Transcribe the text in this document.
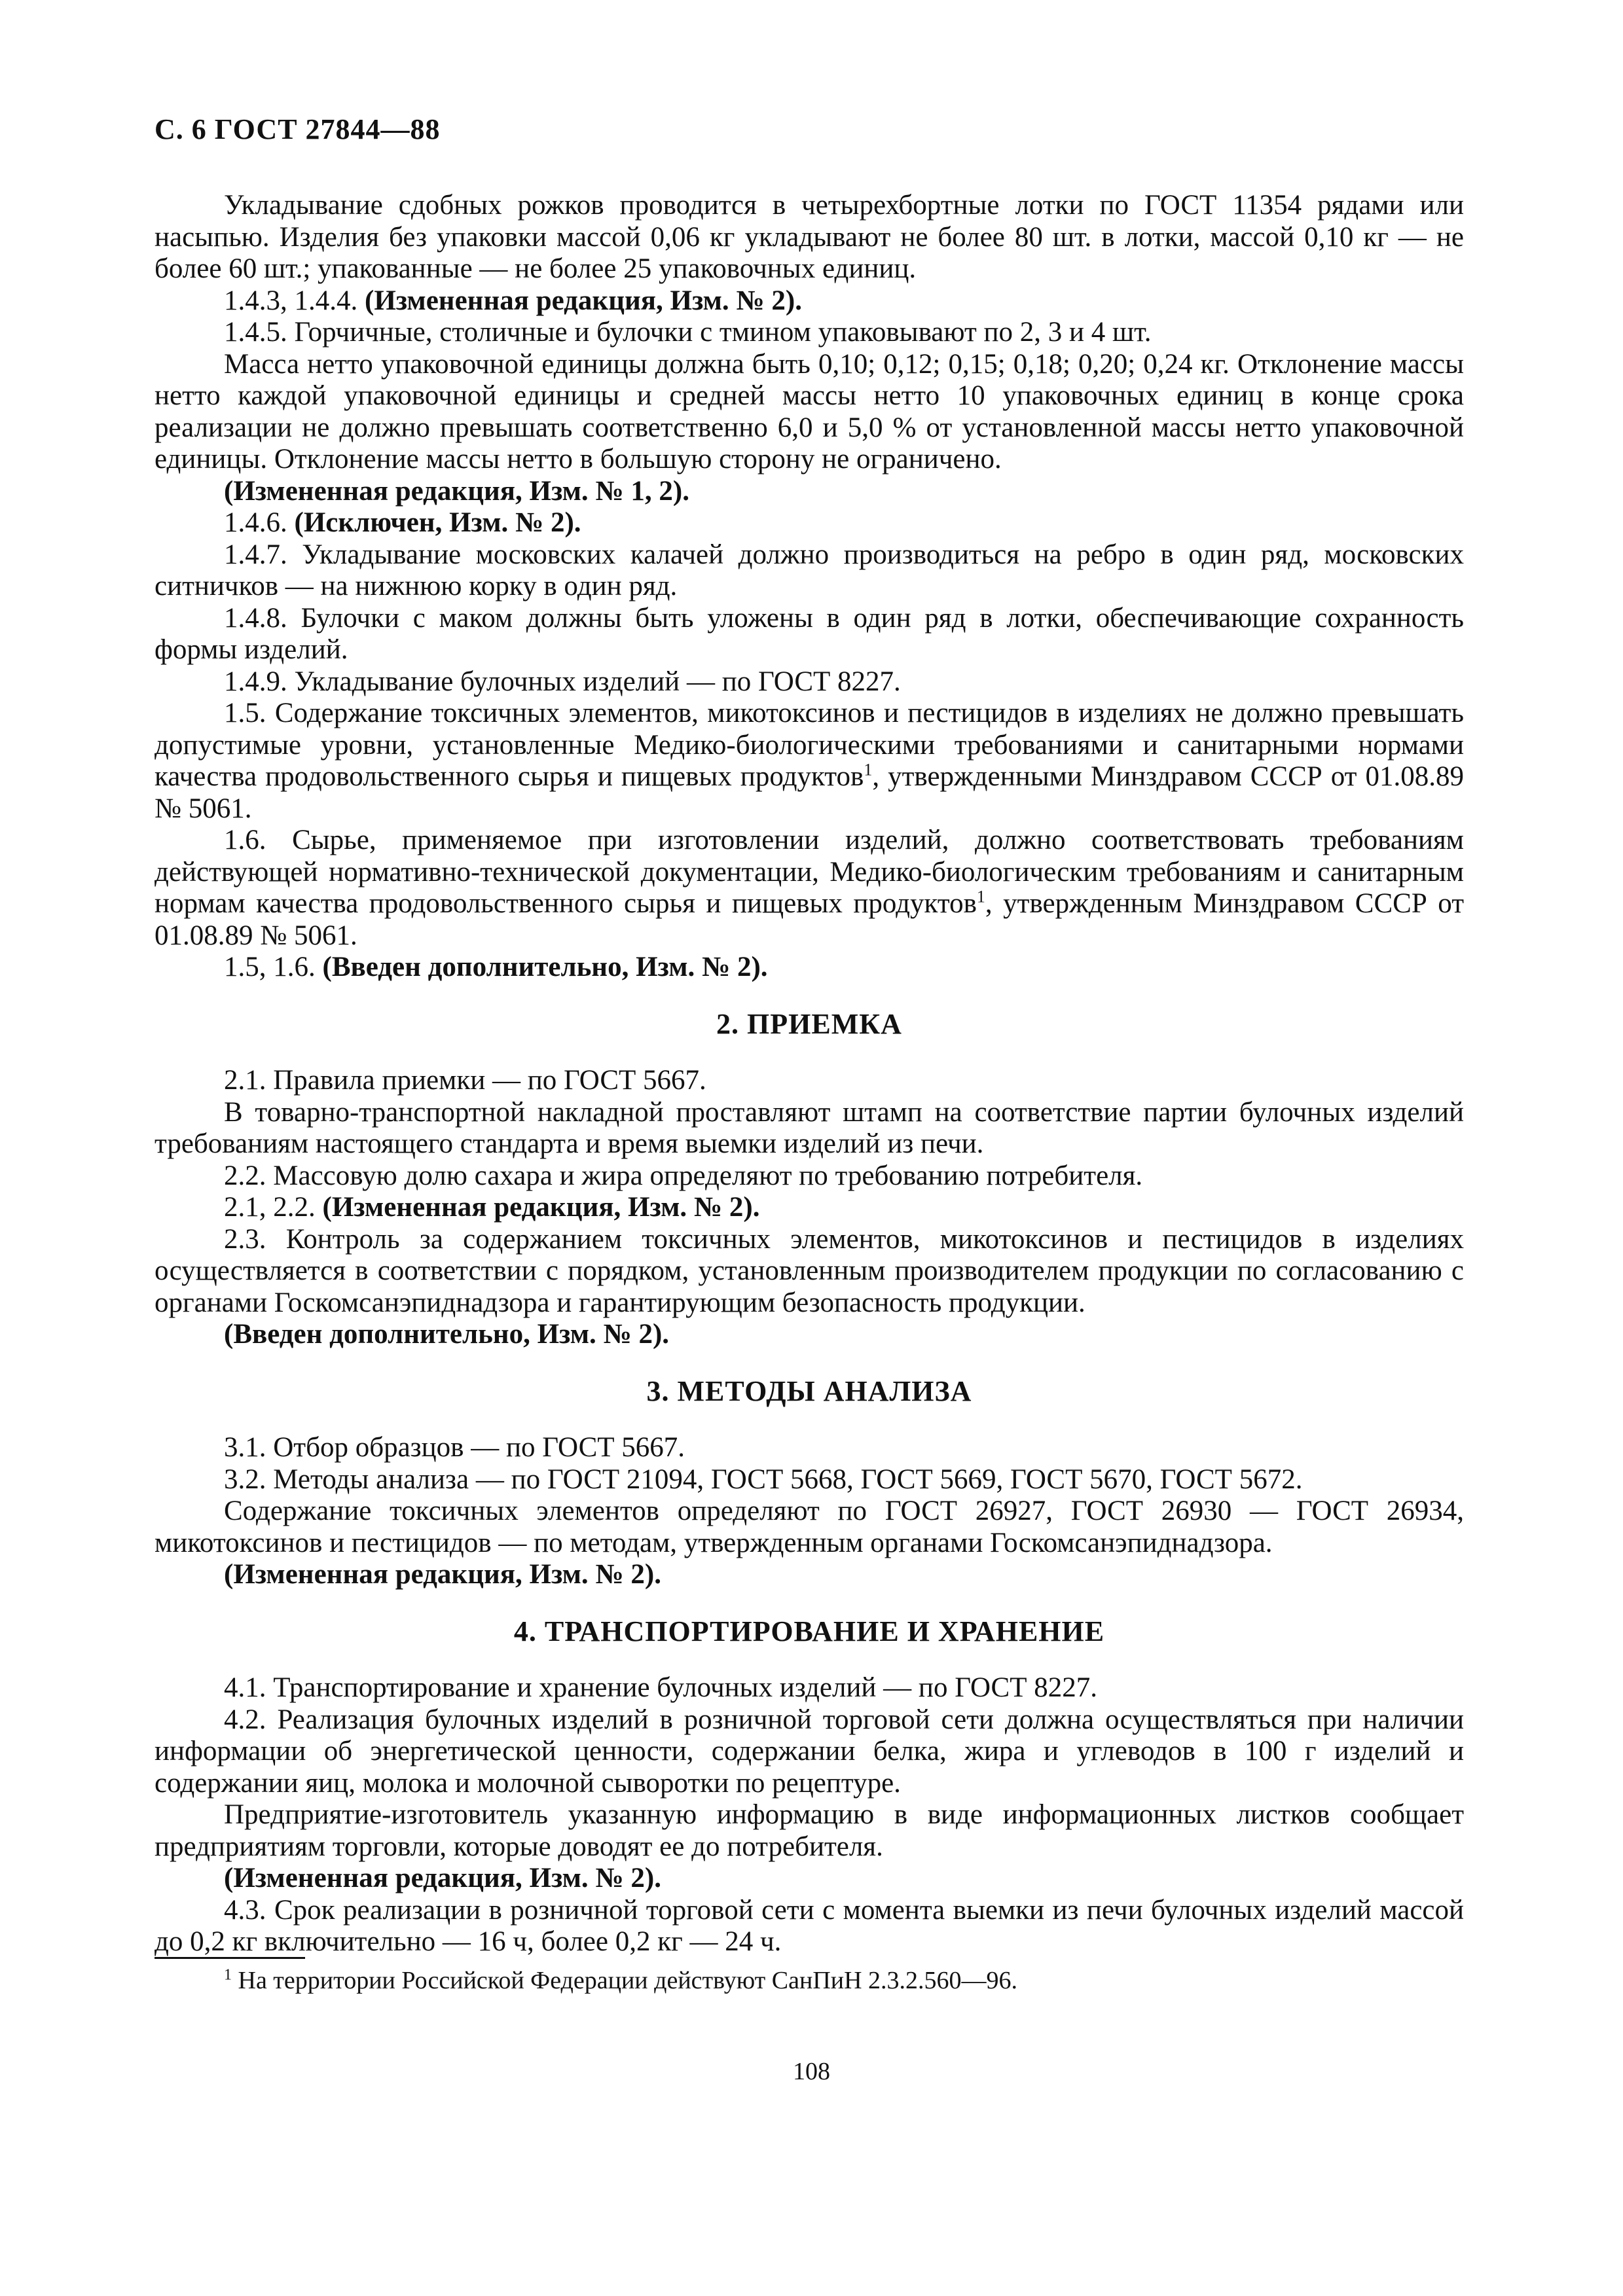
С. 6 ГОСТ 27844—88

Укладывание сдобных рожков проводится в четырехбортные лотки по ГОСТ 11354 рядами или насыпью. Изделия без упаковки массой 0,06 кг укладывают не более 80 шт. в лотки, массой 0,10 кг — не более 60 шт.; упакованные — не более 25 упаковочных единиц.

1.4.3, 1.4.4. (Измененная редакция, Изм. № 2).

1.4.5. Горчичные, столичные и булочки с тмином упаковывают по 2, 3 и 4 шт.

Масса нетто упаковочной единицы должна быть 0,10; 0,12; 0,15; 0,18; 0,20; 0,24 кг. Отклонение массы нетто каждой упаковочной единицы и средней массы нетто 10 упаковочных единиц в конце срока реализации не должно превышать соответственно 6,0 и 5,0 % от установленной массы нетто упаковочной единицы. Отклонение массы нетто в большую сторону не ограничено.

(Измененная редакция, Изм. № 1, 2).

1.4.6. (Исключен, Изм. № 2).

1.4.7. Укладывание московских калачей должно производиться на ребро в один ряд, московских ситничков — на нижнюю корку в один ряд.

1.4.8. Булочки с маком должны быть уложены в один ряд в лотки, обеспечивающие сохранность формы изделий.

1.4.9. Укладывание булочных изделий — по ГОСТ 8227.

1.5. Содержание токсичных элементов, микотоксинов и пестицидов в изделиях не должно превышать допустимые уровни, установленные Медико-биологическими требованиями и санитарными нормами качества продовольственного сырья и пищевых продуктов$^1$, утвержденными Минздравом СССР от 01.08.89 № 5061.

1.6. Сырье, применяемое при изготовлении изделий, должно соответствовать требованиям действующей нормативно-технической документации, Медико-биологическим требованиям и санитарным нормам качества продовольственного сырья и пищевых продуктов$^1$, утвержденным Минздравом СССР от 01.08.89 № 5061.

1.5, 1.6. (Введен дополнительно, Изм. № 2).

2. ПРИЕМКА

2.1. Правила приемки — по ГОСТ 5667.

В товарно-транспортной накладной проставляют штамп на соответствие партии булочных изделий требованиям настоящего стандарта и время выемки изделий из печи.

2.2. Массовую долю сахара и жира определяют по требованию потребителя.

2.1, 2.2. (Измененная редакция, Изм. № 2).

2.3. Контроль за содержанием токсичных элементов, микотоксинов и пестицидов в изделиях осуществляется в соответствии с порядком, установленным производителем продукции по согласованию с органами Госкомсанэпиднадзора и гарантирующим безопасность продукции.

(Введен дополнительно, Изм. № 2).

3. МЕТОДЫ АНАЛИЗА

3.1. Отбор образцов — по ГОСТ 5667.

3.2. Методы анализа — по ГОСТ 21094, ГОСТ 5668, ГОСТ 5669, ГОСТ 5670, ГОСТ 5672.

Содержание токсичных элементов определяют по ГОСТ 26927, ГОСТ 26930 — ГОСТ 26934, микотоксинов и пестицидов — по методам, утвержденным органами Госкомсанэпиднадзора.

(Измененная редакция, Изм. № 2).

4. ТРАНСПОРТИРОВАНИЕ И ХРАНЕНИЕ

4.1. Транспортирование и хранение булочных изделий — по ГОСТ 8227.

4.2. Реализация булочных изделий в розничной торговой сети должна осуществляться при наличии информации об энергетической ценности, содержании белка, жира и углеводов в 100 г изделий и содержании яиц, молока и молочной сыворотки по рецептуре.

Предприятие-изготовитель указанную информацию в виде информационных листков сообщает предприятиям торговли, которые доводят ее до потребителя.

(Измененная редакция, Изм. № 2).

4.3. Срок реализации в розничной торговой сети с момента выемки из печи булочных изделий массой до 0,2 кг включительно — 16 ч, более 0,2 кг — 24 ч.

$^1$ На территории Российской Федерации действуют СанПиН 2.3.2.560—96.
108
